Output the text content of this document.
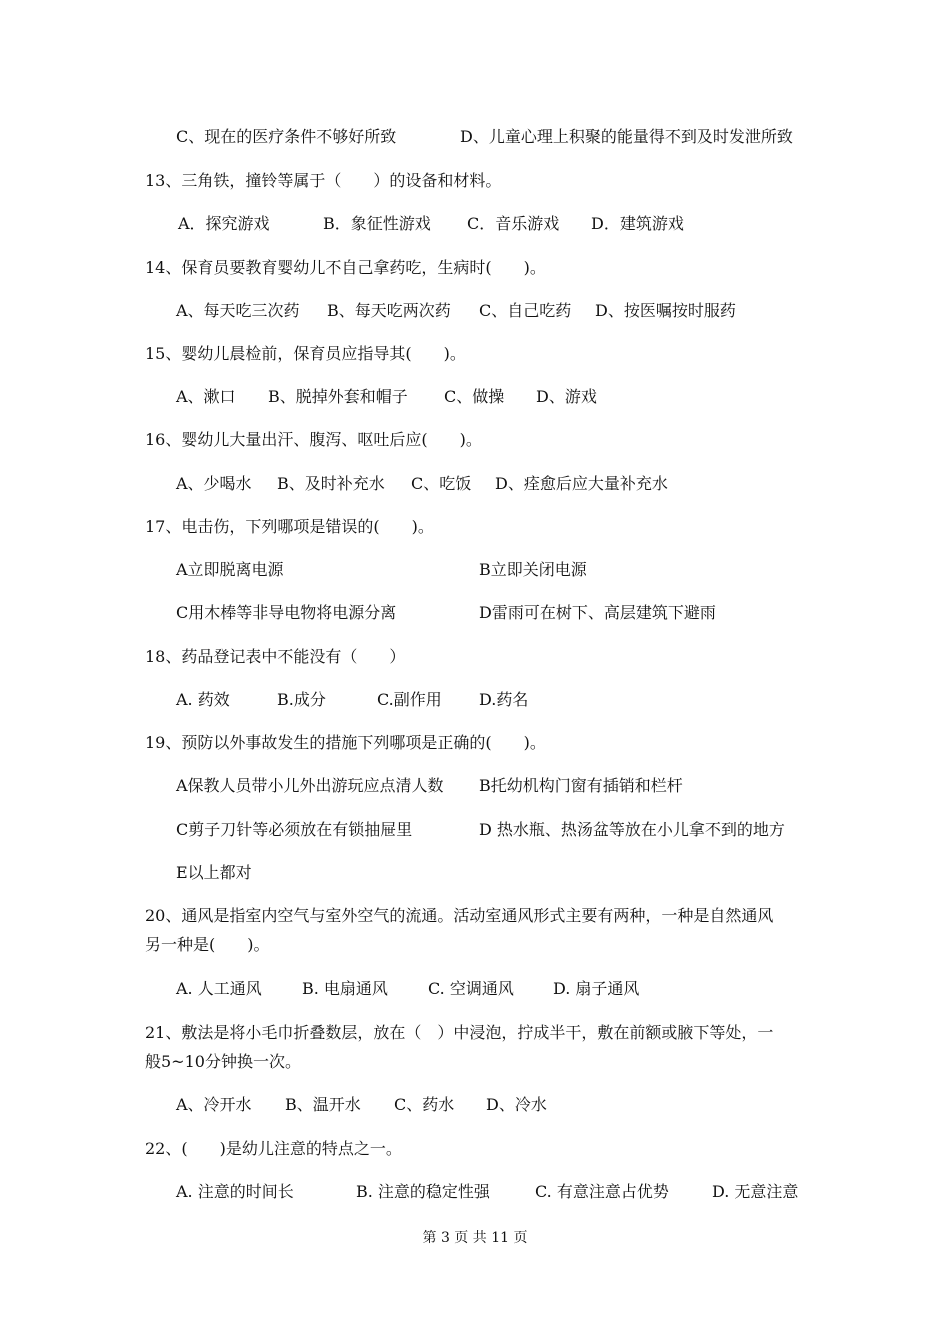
C、现在的医疗条件不够好所致	D、儿童心理上积聚的能量得不到及时发泄所致
13、三角铁，撞铃等属于（　　）的设备和材料。
A．探究游戏	B．象征性游戏 C．音乐游戏 D．建筑游戏
14、保育员要教育婴幼儿不自己拿药吃，生病时(　　)。
A、每天吃三次药 B、每天吃两次药 C、自己吃药 D、按医嘱按时服药
15、婴幼儿晨检前，保育员应指导其(　　)。
A、漱口 B、脱掉外套和帽子 C、做操 D、游戏
16、婴幼儿大量出汗、腹泻、呕吐后应(　　)。
A、少喝水 B、及时补充水 C、吃饭 D、痊愈后应大量补充水
17、电击伤，下列哪项是错误的(　　)。
A立即脱离电源	B立即关闭电源
C用木棒等非导电物将电源分离	D雷雨可在树下、高层建筑下避雨
18、药品登记表中不能没有（　　）
A. 药效	B.成分	C.副作用 D.药名
19、预防以外事故发生的措施下列哪项是正确的(　　)。
A保教人员带小儿外出游玩应点清人数 B托幼机构门窗有插销和栏杆
C剪子刀针等必须放在有锁抽屉里	D 热水瓶、热汤盆等放在小儿拿不到的地方
E以上都对
20、通风是指室内空气与室外空气的流通。活动室通风形式主要有两种，一种是自然通风
另一种是(　　)。
A. 人工通风	B. 电扇通风	C. 空调通风 D. 扇子通风
21、敷法是将小毛巾折叠数层，放在（　）中浸泡，拧成半干，敷在前额或腋下等处，一
般5~10分钟换一次。
A、冷开水 B、温开水 C、药水 D、冷水
22、(　　)是幼儿注意的特点之一。
A. 注意的时间长	B. 注意的稳定性强	C. 有意注意占优势	D. 无意注意
第 3 页 共 11 页
